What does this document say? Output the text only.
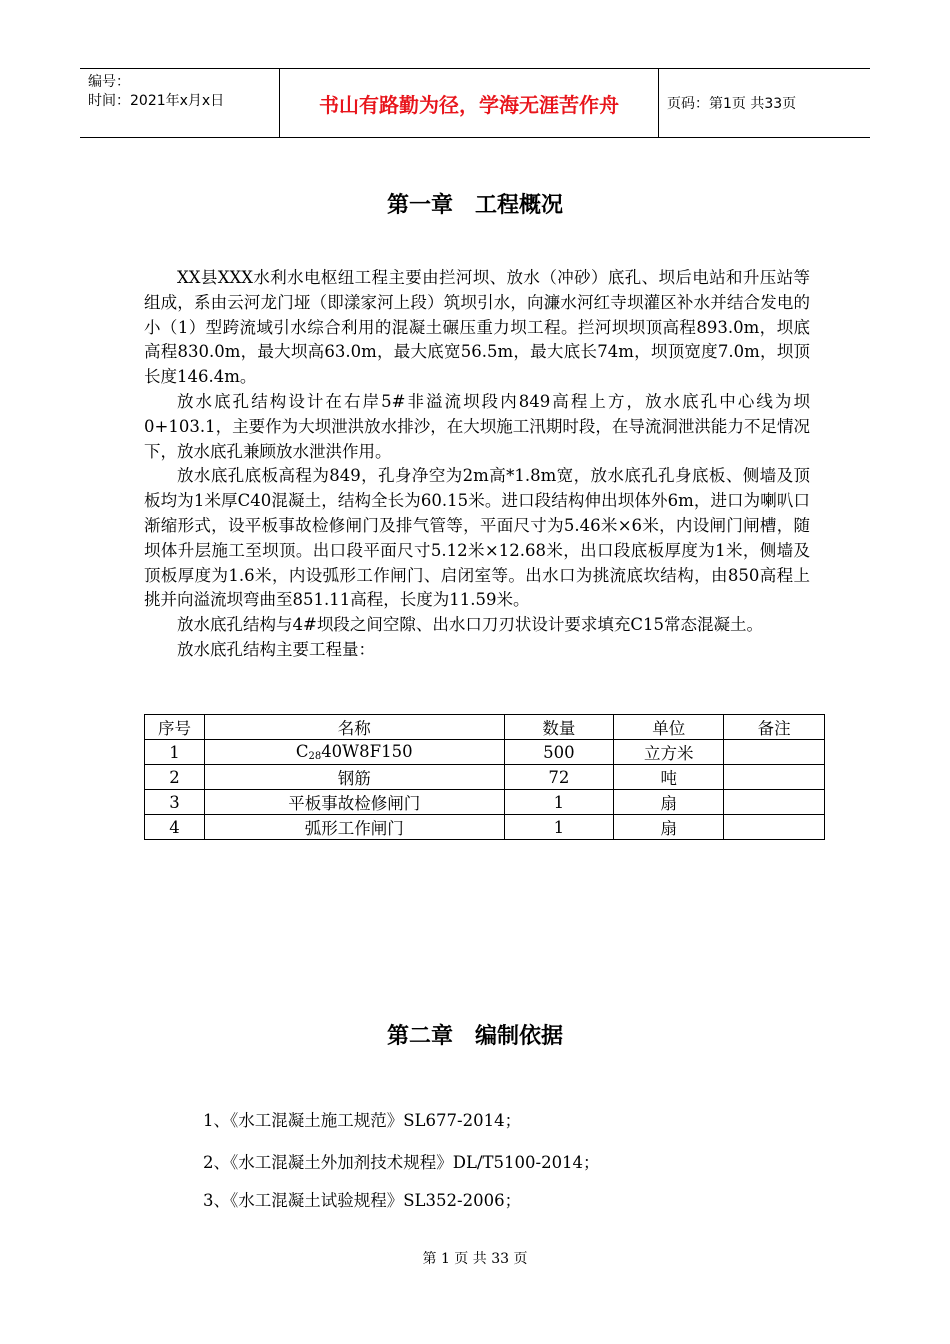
编号：
时间：2021年x月x日	书山有路勤为径，学海无涯苦作舟	页码：第1页 共33页
第一章　工程概况

XX县XXX水利水电枢纽工程主要由拦河坝、放水（冲砂）底孔、坝后电站和升压站等组成，系由云河龙门垭（即漾家河上段）筑坝引水，向濂水河红寺坝灌区补水并结合发电的小（1）型跨流域引水综合利用的混凝土碾压重力坝工程。拦河坝坝顶高程893.0m，坝底高程830.0m，最大坝高63.0m，最大底宽56.5m，最大底长74m，坝顶宽度7.0m，坝顶长度146.4m。

放水底孔结构设计在右岸5#非溢流坝段内849高程上方，放水底孔中心线为坝0+103.1，主要作为大坝泄洪放水排沙，在大坝施工汛期时段，在导流洞泄洪能力不足情况下，放水底孔兼顾放水泄洪作用。

放水底孔底板高程为849，孔身净空为2m高*1.8m宽，放水底孔孔身底板、侧墙及顶板均为1米厚C40混凝土，结构全长为60.15米。进口段结构伸出坝体外6m，进口为喇叭口渐缩形式，设平板事故检修闸门及排气管等，平面尺寸为5.46米×6米，内设闸门闸槽，随坝体升层施工至坝顶。出口段平面尺寸5.12米×12.68米，出口段底板厚度为1米，侧墙及顶板厚度为1.6米，内设弧形工作闸门、启闭室等。出水口为挑流底坎结构，由850高程上挑并向溢流坝弯曲至851.11高程，长度为11.59米。

放水底孔结构与4#坝段之间空隙、出水口刀刃状设计要求填充C15常态混凝土。

放水底孔结构主要工程量：

序号	名称	数量	单位	备注
1	$C_{28}40W8F150$	500	立方米	
2	钢筋	72	吨	
3	平板事故检修闸门	1	扇	
4	弧形工作闸门	1	扇	
第二章　编制依据
1、《水工混凝土施工规范》SL677-2014；
2、《水工混凝土外加剂技术规程》DL/T5100-2014；
3、《水工混凝土试验规程》SL352-2006；
第 1 页 共 33 页
